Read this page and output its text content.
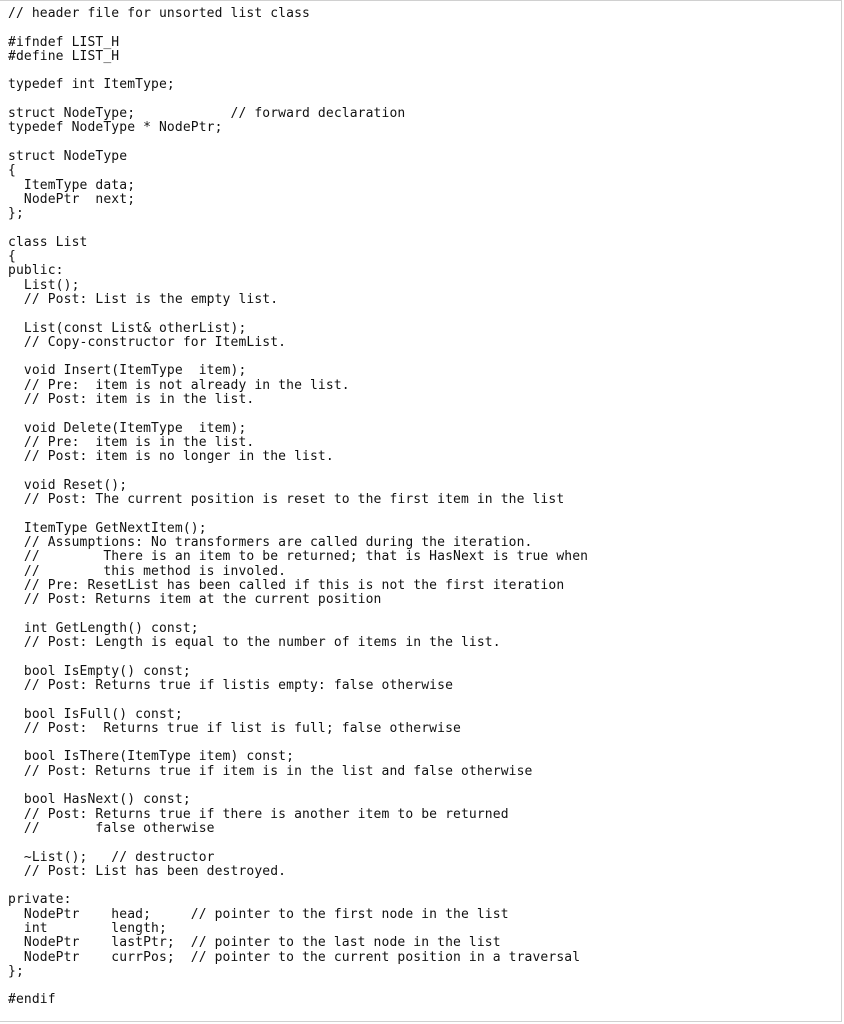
// header file for unsorted list class

#ifndef LIST_H
#define LIST_H

typedef int ItemType;

struct NodeType;            // forward declaration
typedef NodeType * NodePtr;

struct NodeType
{
ItemType data;
NodePtr  next;
};

class List
{
public:
List();
// Post: List is the empty list.

List(const List& otherList);
// Copy-constructor for ItemList.

void Insert(ItemType  item);
// Pre:  item is not already in the list.
// Post: item is in the list.

void Delete(ItemType  item);
// Pre:  item is in the list.
// Post: item is no longer in the list.

void Reset();
// Post: The current position is reset to the first item in the list

ItemType GetNextItem();
// Assumptions: No transformers are called during the iteration.
//        There is an item to be returned; that is HasNext is true when
//        this method is involed.
// Pre: ResetList has been called if this is not the first iteration
// Post: Returns item at the current position

int GetLength() const;
// Post: Length is equal to the number of items in the list.

bool IsEmpty() const;
// Post: Returns true if listis empty: false otherwise

bool IsFull() const;
// Post:  Returns true if list is full; false otherwise

bool IsThere(ItemType item) const;
// Post: Returns true if item is in the list and false otherwise

bool HasNext() const;
// Post: Returns true if there is another item to be returned
//       false otherwise

~List();   // destructor
// Post: List has been destroyed.

private:
NodePtr    head;     // pointer to the first node in the list
int        length;
NodePtr    lastPtr;  // pointer to the last node in the list
NodePtr    currPos;  // pointer to the current position in a traversal
};

#endif
